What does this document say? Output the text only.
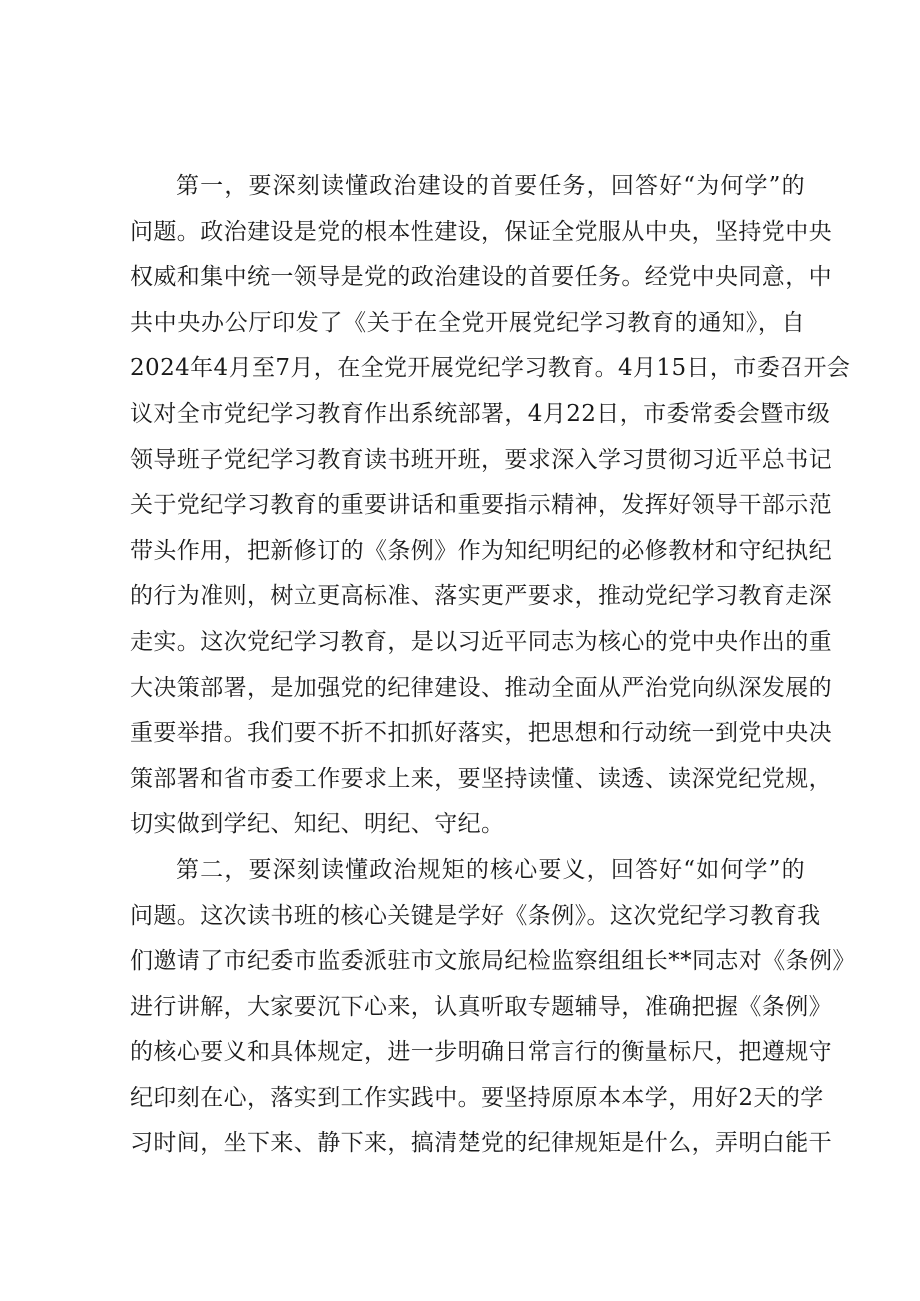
第一，要深刻读懂政治建设的首要任务，回答好“为何学”的
问题。政治建设是党的根本性建设，保证全党服从中央，坚持党中央
权威和集中统一领导是党的政治建设的首要任务。经党中央同意，中
共中央办公厅印发了《关于在全党开展党纪学习教育的通知》，自
2024年4月至7月，在全党开展党纪学习教育。4月15日，市委召开会
议对全市党纪学习教育作出系统部署，4月22日，市委常委会暨市级
领导班子党纪学习教育读书班开班，要求深入学习贯彻习近平总书记
关于党纪学习教育的重要讲话和重要指示精神，发挥好领导干部示范
带头作用，把新修订的《条例》作为知纪明纪的必修教材和守纪执纪
的行为准则，树立更高标准、落实更严要求，推动党纪学习教育走深
走实。这次党纪学习教育，是以习近平同志为核心的党中央作出的重
大决策部署，是加强党的纪律建设、推动全面从严治党向纵深发展的
重要举措。我们要不折不扣抓好落实，把思想和行动统一到党中央决
策部署和省市委工作要求上来，要坚持读懂、读透、读深党纪党规，
切实做到学纪、知纪、明纪、守纪。

第二，要深刻读懂政治规矩的核心要义，回答好“如何学”的
问题。这次读书班的核心关键是学好《条例》。这次党纪学习教育我
们邀请了市纪委市监委派驻市文旅局纪检监察组组长**同志对《条例》
进行讲解，大家要沉下心来，认真听取专题辅导，准确把握《条例》
的核心要义和具体规定，进一步明确日常言行的衡量标尺，把遵规守
纪印刻在心，落实到工作实践中。要坚持原原本本学，用好2天的学
习时间，坐下来、静下来，搞清楚党的纪律规矩是什么，弄明白能干
